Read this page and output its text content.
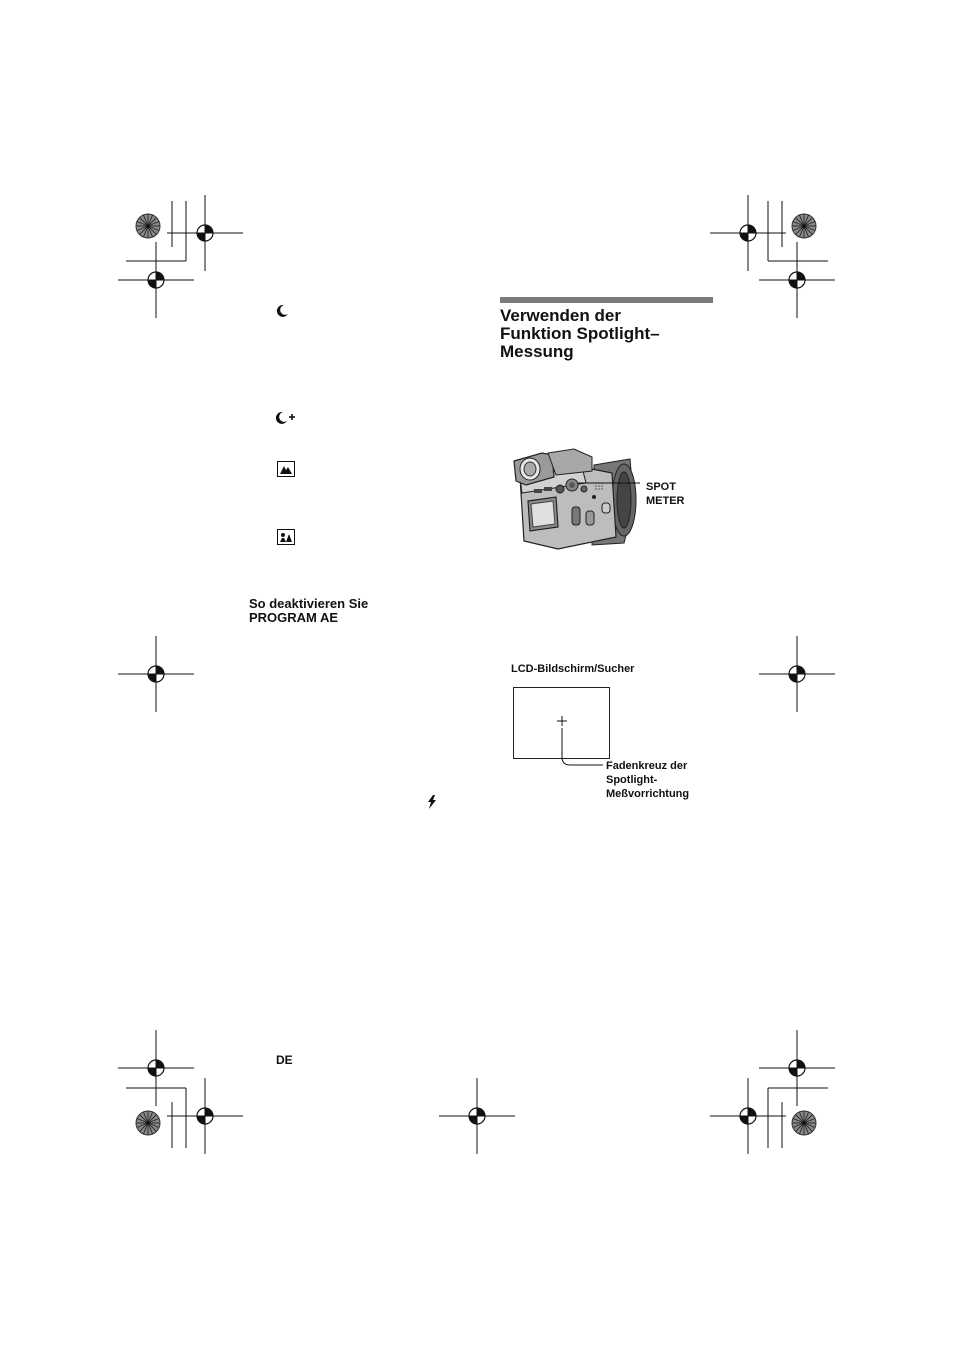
So deaktivieren Sie
PROGRAM AE
Verwenden der
Funktion Spotlight–
Messung
SPOT
METER
LCD-Bildschirm/Sucher
Fadenkreuz der
Spotlight-
Meßvorrichtung
DE
